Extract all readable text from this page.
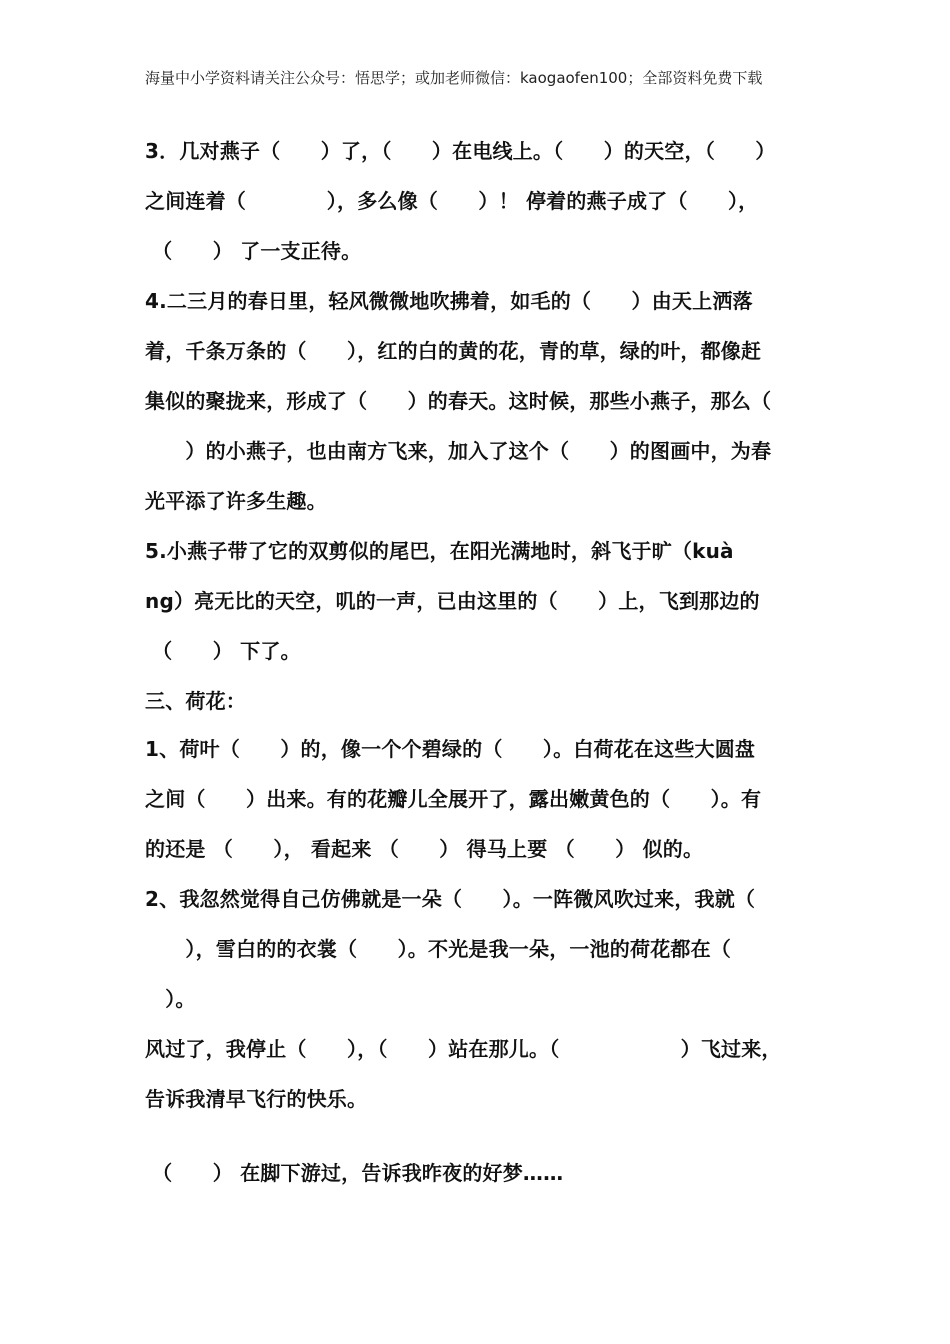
海量中小学资料请关注公众号：悟思学；或加老师微信：kaogaofen100；全部资料免费下载
3．几对燕子（　　）了，（　　）在电线上。（　　）的天空，（　　）
之间连着（　　　　），多么像（　　）！ 停着的燕子成了（　　），
（　　） 了一支正待。
4.二三月的春日里，轻风微微地吹拂着，如毛的（　　）由天上洒落
着，千条万条的（　　），红的白的黄的花，青的草，绿的叶，都像赶
集似的聚拢来，形成了（　　）的春天。这时候，那些小燕子，那么（
　　）的小燕子，也由南方飞来，加入了这个（　　）的图画中，为春
光平添了许多生趣。
5.小燕子带了它的双剪似的尾巴，在阳光满地时，斜飞于旷（kuà
ng）亮无比的天空，叽的一声，已由这里的（　　）上，飞到那边的
（　　） 下了。
三、荷花：
1、荷叶（　　）的，像一个个碧绿的（　　）。白荷花在这些大圆盘
之间（　　）出来。有的花瓣儿全展开了，露出嫩黄色的（　　）。有
的还是 （　　）， 看起来 （　　） 得马上要 （　　） 似的。
2、我忽然觉得自己仿佛就是一朵（　　）。一阵微风吹过来，我就（
　　），雪白的的衣裳（　　）。不光是我一朵，一池的荷花都在（
　）。
风过了，我停止（　　），（　　）站在那儿。（　　　　　　）飞过来，
告诉我清早飞行的快乐。
（　　） 在脚下游过，告诉我昨夜的好梦……
